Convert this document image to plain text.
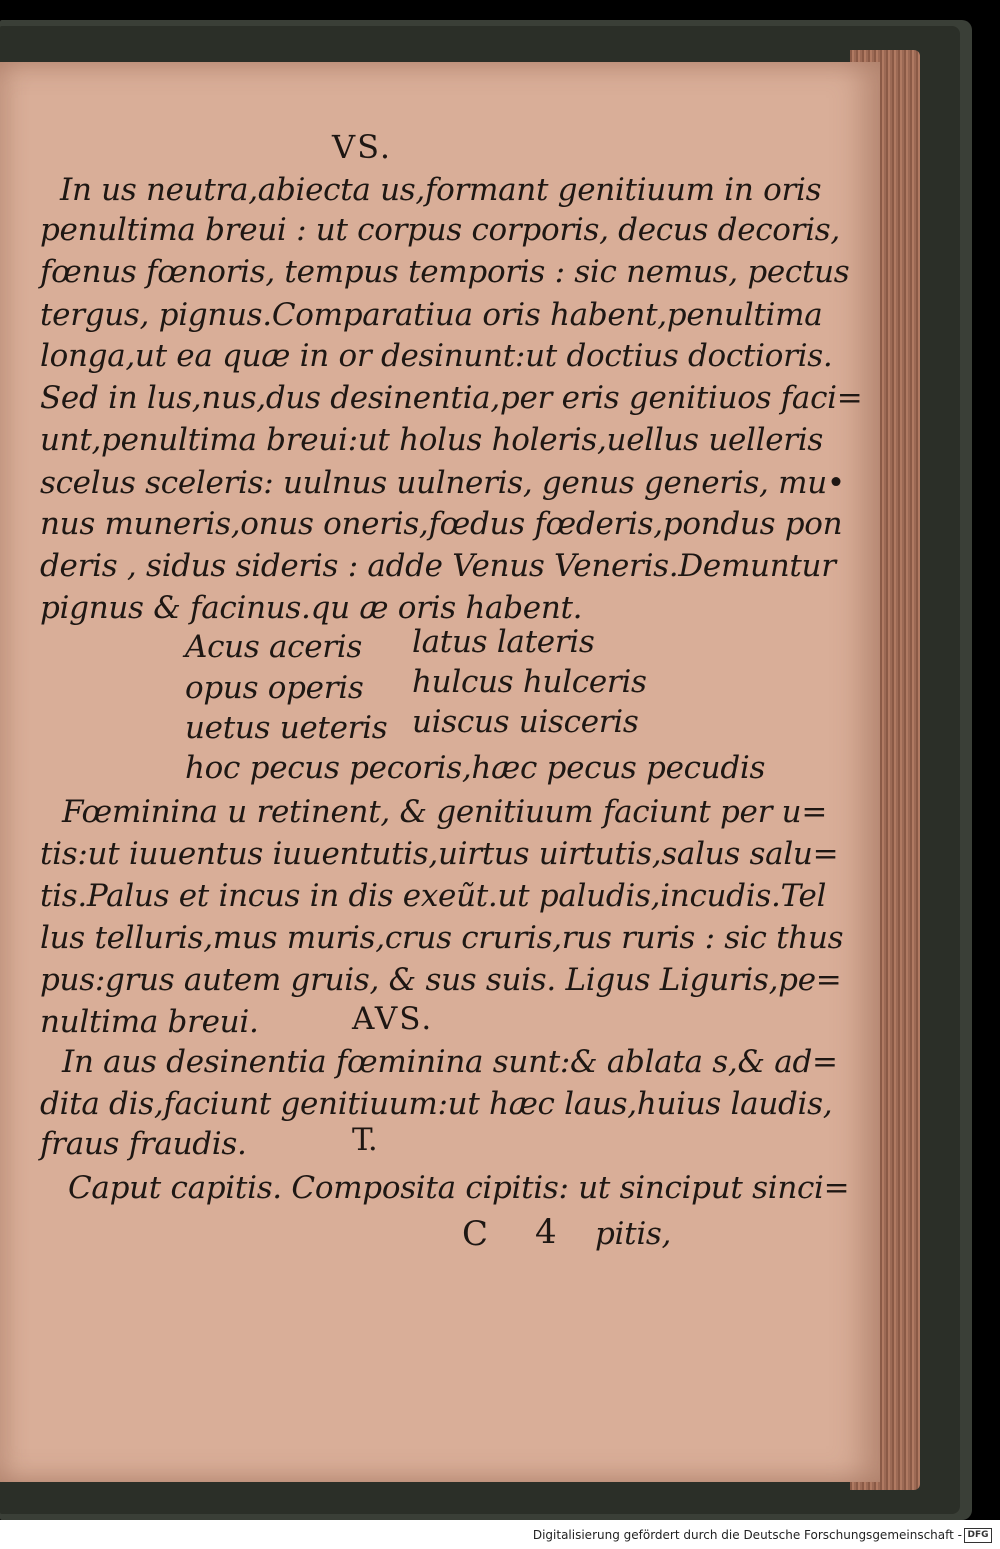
VS.
In us neutra,abiecta us,formant genitiuum in oris
penultima breui : ut corpus corporis, decus decoris,
fœnus fœnoris, tempus temporis : sic nemus, pectus
tergus, pignus.Comparatiua oris habent,penultima
longa,ut ea quæ in or desinunt:ut doctius doctioris.
Sed in lus,nus,dus desinentia,per eris genitiuos faci=
unt,penultima breui:ut holus holeris,uellus uelleris
scelus sceleris: uulnus uulneris, genus generis, mu•
nus muneris,onus oneris,fœdus fœderis,pondus pon
deris , sidus sideris : adde Venus Veneris.Demuntur
pignus & facinus.qu æ oris habent.
Acus aceris latus lateris
opus operis hulcus hulceris
uetus ueteris uiscus uisceris
hoc pecus pecoris,hæc pecus pecudis
Fœminina u retinent, & genitiuum faciunt per u=
tis:ut iuuentus iuuentutis,uirtus uirtutis,salus salu=
tis.Palus et incus in dis exeũt.ut paludis,incudis.Tel
lus telluris,mus muris,crus cruris,rus ruris : sic thus
pus:grus autem gruis, & sus suis. Ligus Liguris,pe=
nultima breui.	AVS.
In aus desinentia fœminina sunt:& ablata s,& ad=
dita dis,faciunt genitiuum:ut hæc laus,huius laudis,
fraus fraudis.	T.
Caput capitis. Composita cipitis: ut sinciput sinci=
C 4 pitis,
Digitalisierung gefördert durch die Deutsche Forschungsgemeinschaft - DFG
